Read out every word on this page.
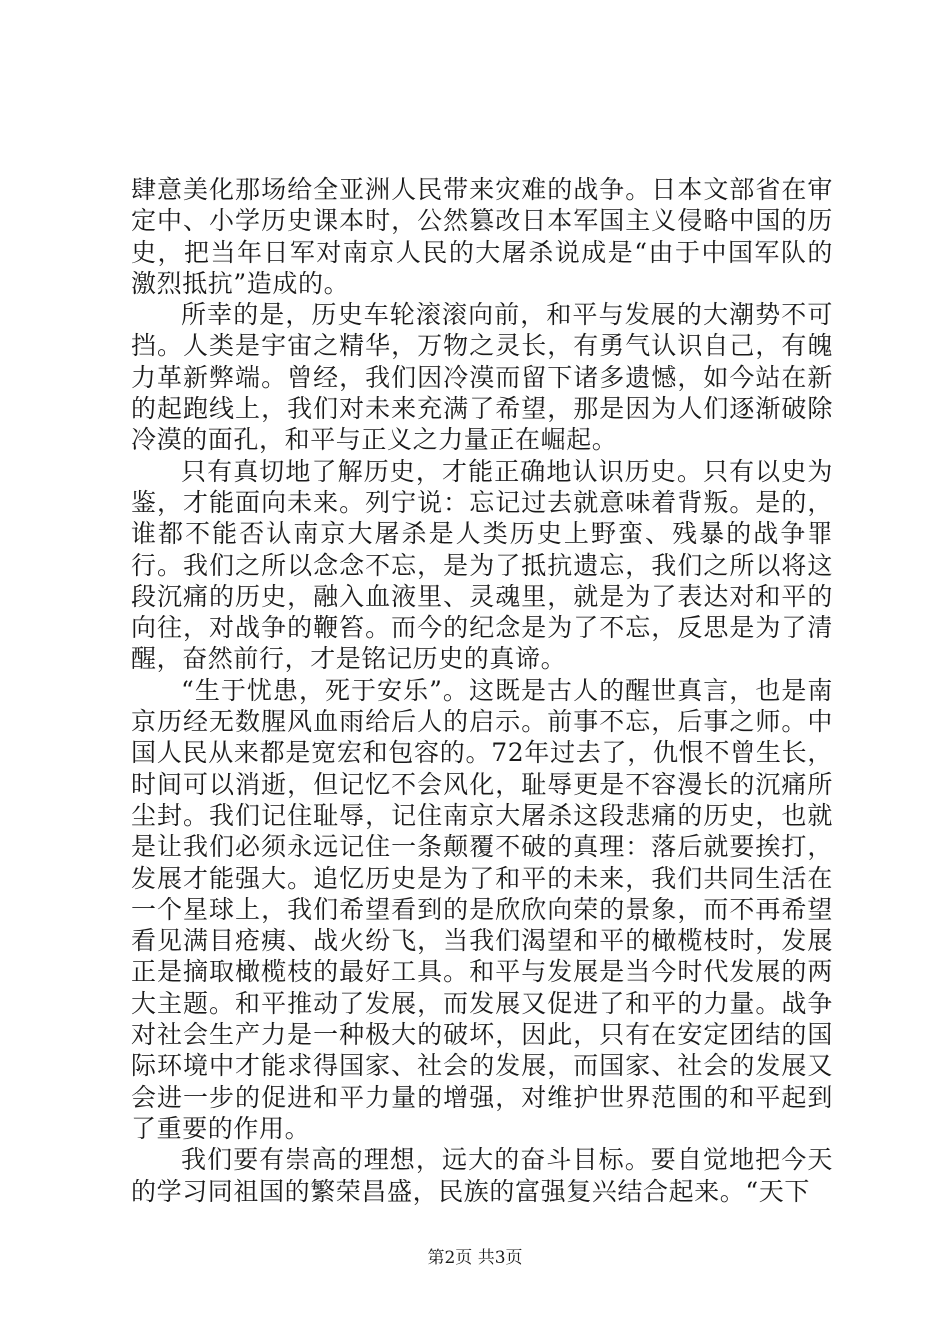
肆意美化那场给全亚洲人民带来灾难的战争。日本文部省在审定中、小学历史课本时，公然篡改日本军国主义侵略中国的历史，把当年日军对南京人民的大屠杀说成是“由于中国军队的激烈抵抗”造成的。

所幸的是，历史车轮滚滚向前，和平与发展的大潮势不可挡。人类是宇宙之精华，万物之灵长，有勇气认识自己，有魄力革新弊端。曾经，我们因冷漠而留下诸多遗憾，如今站在新的起跑线上，我们对未来充满了希望，那是因为人们逐渐破除冷漠的面孔，和平与正义之力量正在崛起。

只有真切地了解历史，才能正确地认识历史。只有以史为鉴，才能面向未来。列宁说：忘记过去就意味着背叛。是的，谁都不能否认南京大屠杀是人类历史上野蛮、残暴的战争罪行。我们之所以念念不忘，是为了抵抗遗忘，我们之所以将这段沉痛的历史，融入血液里、灵魂里，就是为了表达对和平的向往，对战争的鞭笞。而今的纪念是为了不忘，反思是为了清醒，奋然前行，才是铭记历史的真谛。

“生于忧患，死于安乐”。这既是古人的醒世真言，也是南京历经无数腥风血雨给后人的启示。前事不忘，后事之师。中国人民从来都是宽宏和包容的。72年过去了，仇恨不曾生长，时间可以消逝，但记忆不会风化，耻辱更是不容漫长的沉痛所尘封。我们记住耻辱，记住南京大屠杀这段悲痛的历史，也就是让我们必须永远记住一条颠覆不破的真理：落后就要挨打，发展才能强大。追忆历史是为了和平的未来，我们共同生活在一个星球上，我们希望看到的是欣欣向荣的景象，而不再希望看见满目疮痍、战火纷飞，当我们渴望和平的橄榄枝时，发展正是摘取橄榄枝的最好工具。和平与发展是当今时代发展的两大主题。和平推动了发展，而发展又促进了和平的力量。战争对社会生产力是一种极大的破坏，因此，只有在安定团结的国际环境中才能求得国家、社会的发展，而国家、社会的发展又会进一步的促进和平力量的增强，对维护世界范围的和平起到了重要的作用。

我们要有崇高的理想，远大的奋斗目标。要自觉地把今天的学习同祖国的繁荣昌盛，民族的富强复兴结合起来。“天下

第2页 共3页
